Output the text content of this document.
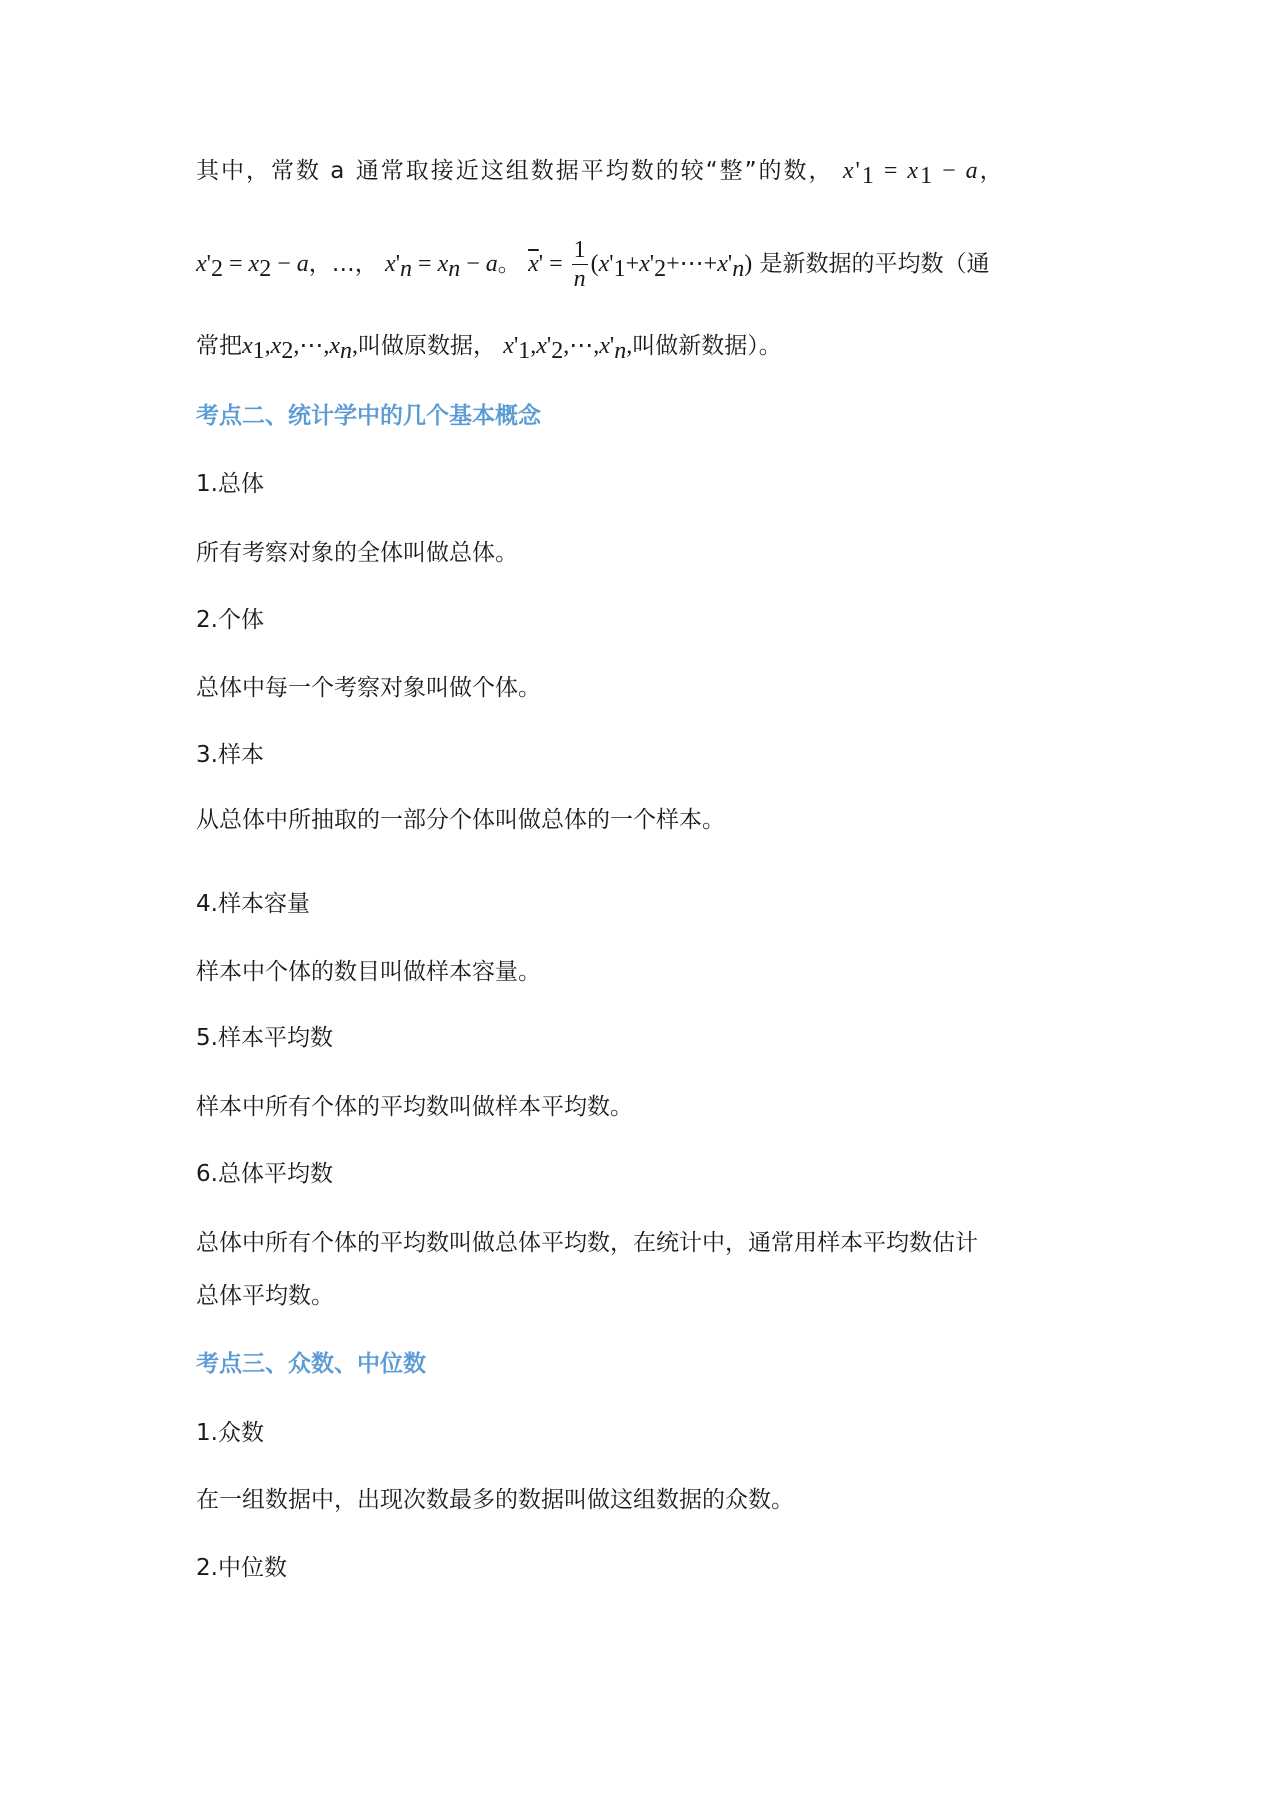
其中，常数 a 通常取接近这组数据平均数的较“整”的数， $x'_1 = x_1 - a$，
$x'_2 = x_2 - a$，…， $x'_n = x_n - a$。 $\overline{x}' = \frac{1}{n}$ $(x'_1+x'_2+\cdots+x'_n)$ 是新数据的平均数（通
常把$x_1,x_2,\cdots,x_n$,叫做原数据， $x'_1,x'_2,\cdots,x'_n$,叫做新数据）。
考点二、统计学中的几个基本概念
1.总体
所有考察对象的全体叫做总体。
2.个体
总体中每一个考察对象叫做个体。
3.样本
从总体中所抽取的一部分个体叫做总体的一个样本。
4.样本容量
样本中个体的数目叫做样本容量。
5.样本平均数
样本中所有个体的平均数叫做样本平均数。
6.总体平均数
总体中所有个体的平均数叫做总体平均数，在统计中，通常用样本平均数估计
总体平均数。
考点三、众数、中位数
1.众数
在一组数据中，出现次数最多的数据叫做这组数据的众数。
2.中位数
